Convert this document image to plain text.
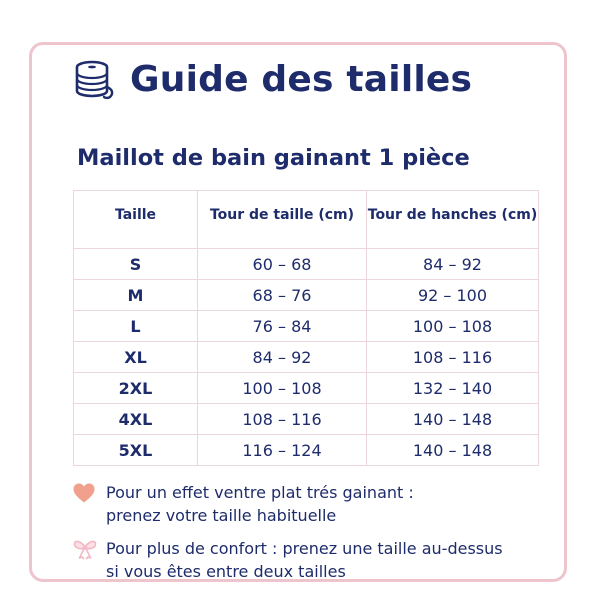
Guide des tailles
Maillot de bain gainant 1 pièce
Taille	Tour de taille (cm)	Tour de hanches (cm)
S	60 – 68	84 – 92
M	68 – 76	92 – 100
L	76 – 84	100 – 108
XL	84 – 92	108 – 116
2XL	100 – 108	132 – 140
4XL	108 – 116	140 – 148
5XL	116 – 124	140 – 148
Pour un effet ventre plat trés gainant :
prenez votre taille habituelle
Pour plus de confort : prenez une taille au-dessus
si vous êtes entre deux tailles
